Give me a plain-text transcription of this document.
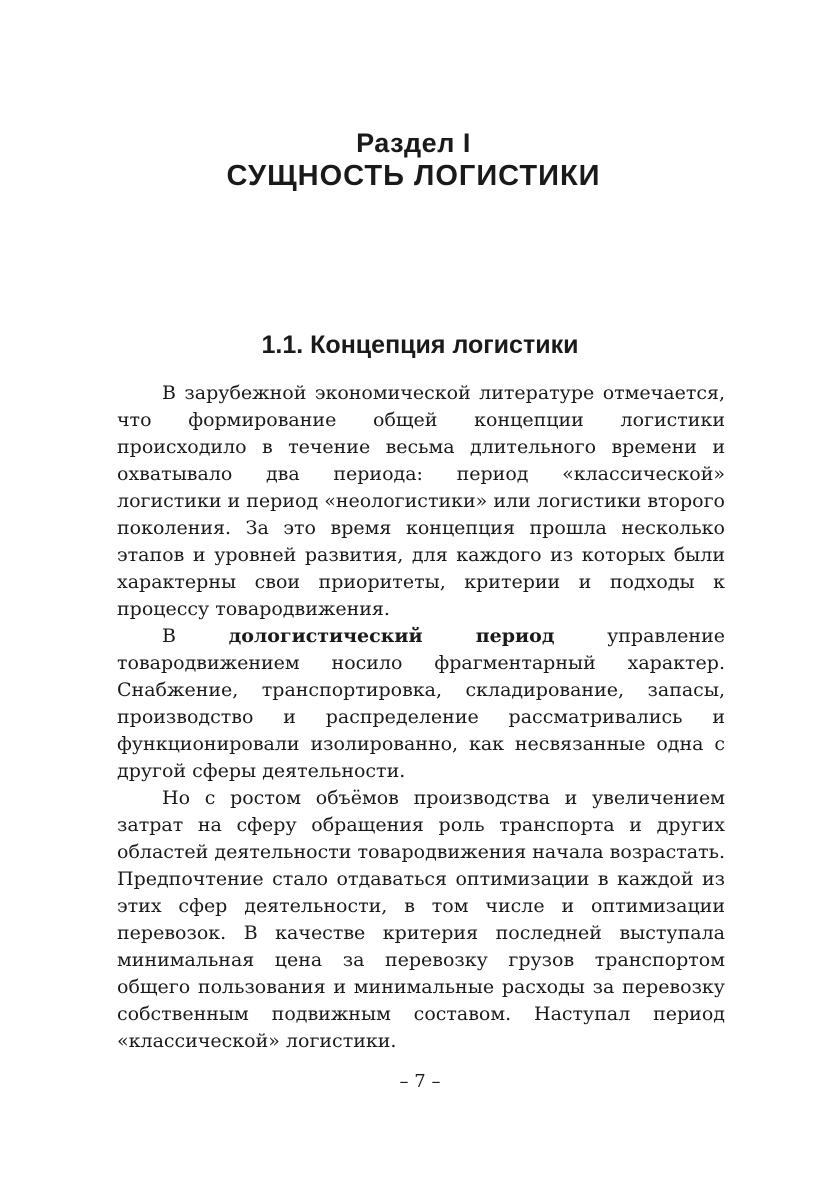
Раздел I
СУЩНОСТЬ ЛОГИСТИКИ
1.1. Концепция логистики

В зарубежной экономической литературе отмечается, что формирование общей концепции логистики происходило в течение весьма длительного времени и охватывало два периода: период «классической» логистики и период «неологистики» или логистики второго поколения. За это время концепция прошла несколько этапов и уровней развития, для каждого из которых были характерны свои приоритеты, критерии и подходы к процессу товародвижения.

В дологистический период управление товародвижением носило фрагментарный характер. Снабжение, транспортировка, складирование, запасы, производство и распределение рассматривались и функционировали изолированно, как несвязанные одна с другой сферы деятельности.

Но с ростом объёмов производства и увеличением затрат на сферу обращения роль транспорта и других областей деятельности товародвижения начала возрастать. Предпочтение стало отдаваться оптимизации в каждой из этих сфер деятельности, в том числе и оптимизации перевозок. В качестве критерия последней выступала минимальная цена за перевозку грузов транспортом общего пользования и минимальные расходы за перевозку собственным подвижным составом. Наступал период «классической» логистики.

– 7 –
